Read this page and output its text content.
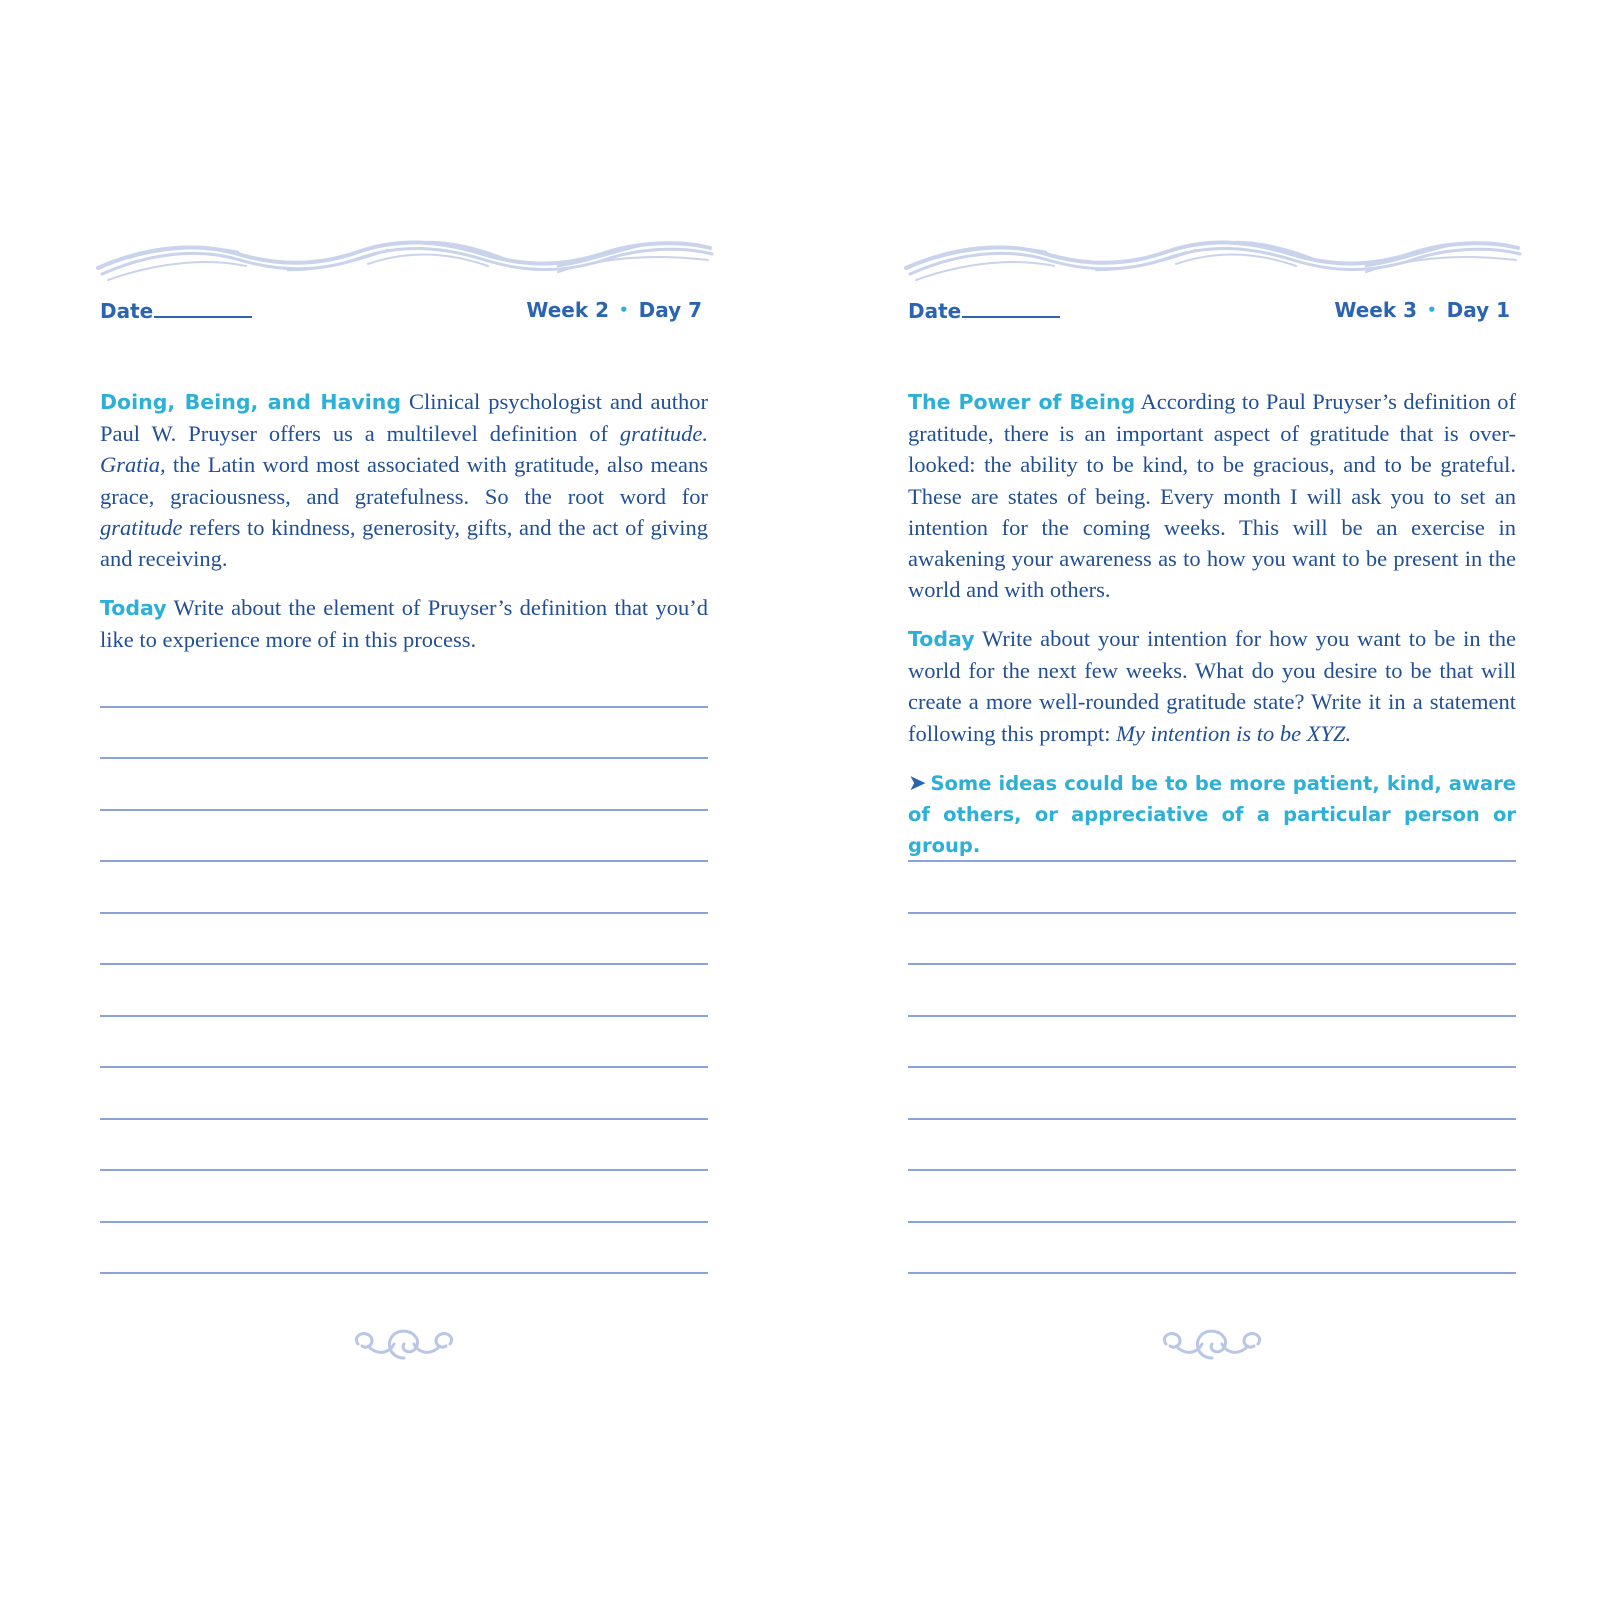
Date	Week 2 • Day 7

Doing, Being, and Having Clinical psychologist and author Paul W. Pruyser offers us a multilevel definition of gratitude. Gratia, the Latin word most associated with gratitude, also means grace, graciousness, and gratefulness. So the root word for gratitude refers to kindness, generosity, gifts, and the act of giving and receiving.

Today Write about the element of Pruyser’s definition that you’d like to experience more of in this process.

Date	Week 3 • Day 1

The Power of Being According to Paul Pruyser’s definition of gratitude, there is an important aspect of gratitude that is over-looked: the ability to be kind, to be gracious, and to be grateful. These are states of being. Every month I will ask you to set an intention for the coming weeks. This will be an exercise in awakening your awareness as to how you want to be present in the world and with others.

Today Write about your intention for how you want to be in the world for the next few weeks. What do you desire to be that will create a more well-rounded gratitude state? Write it in a statement following this prompt: My intention is to be XYZ.

➤ Some ideas could be to be more patient, kind, aware of others, or appreciative of a particular person or group.
